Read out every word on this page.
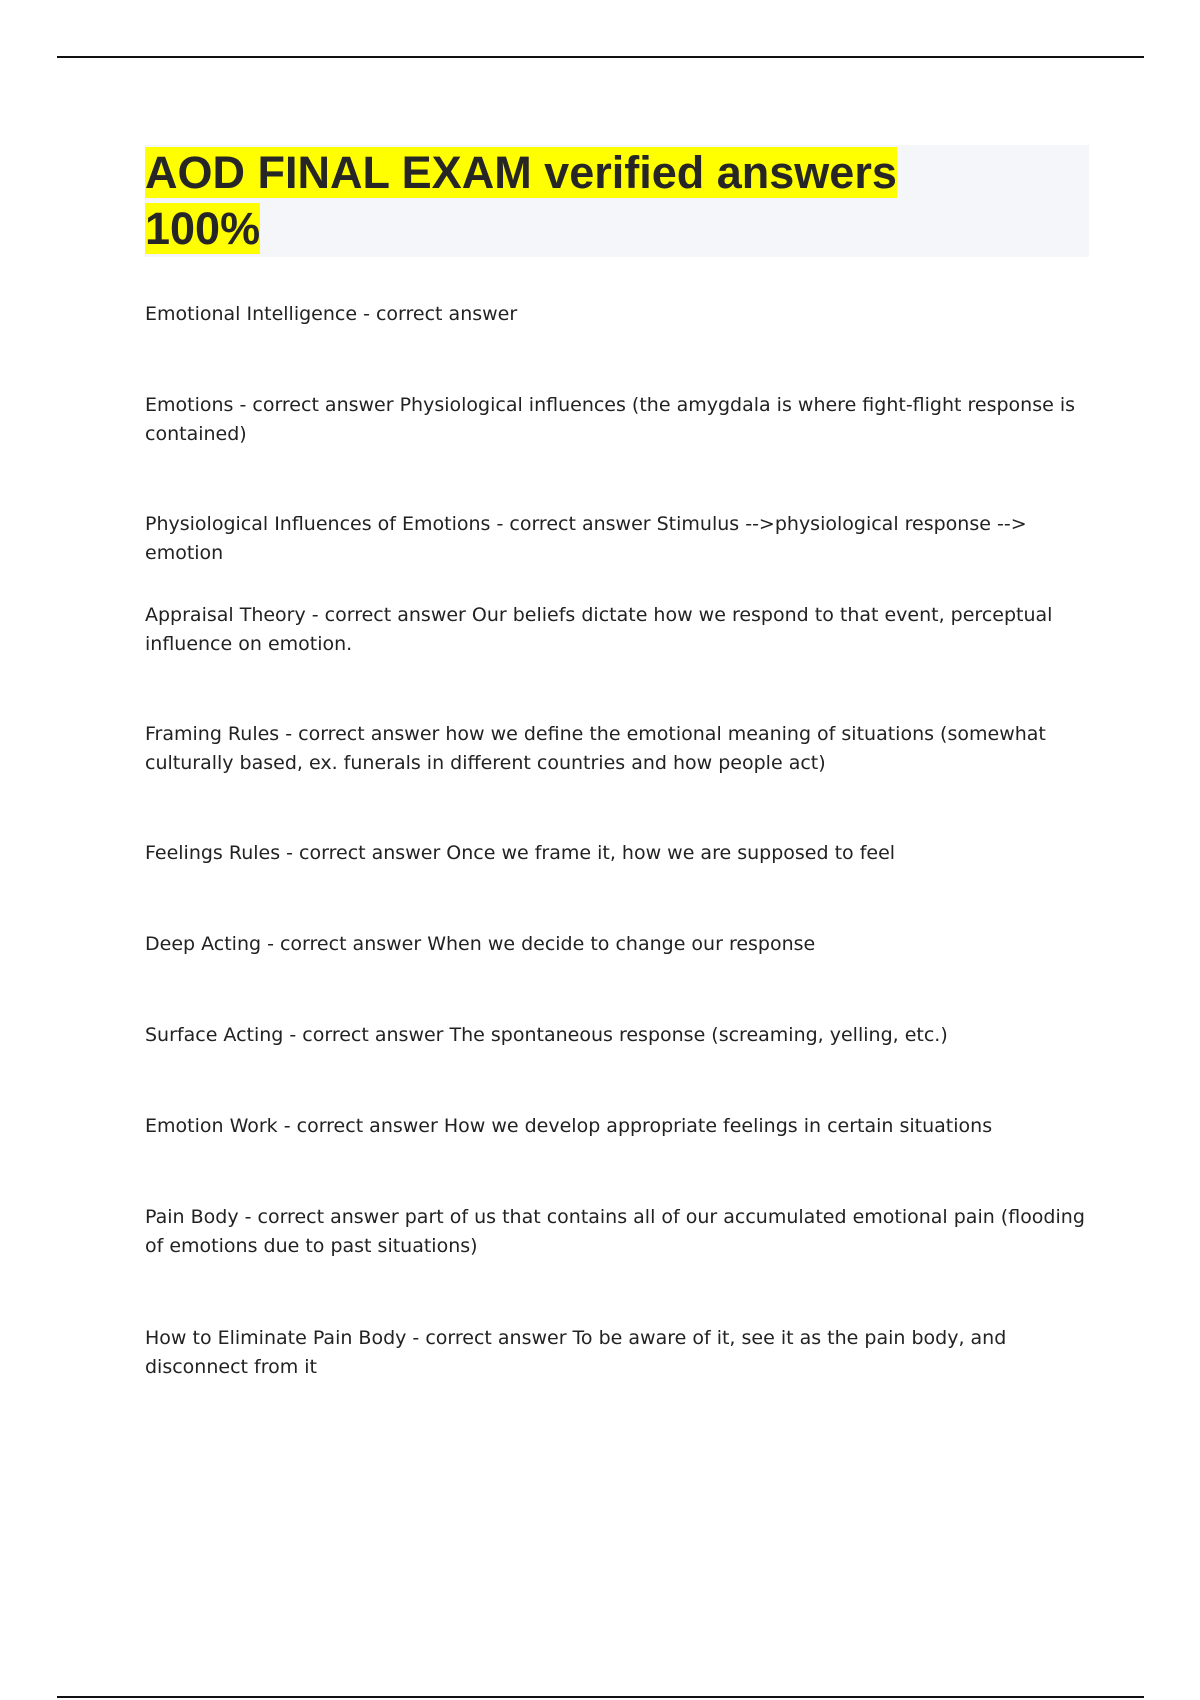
AOD FINAL EXAM verified answers 100%

Emotional Intelligence - correct answer

Emotions - correct answer Physiological influences (the amygdala is where fight-flight response is contained)

Physiological Influences of Emotions - correct answer Stimulus -->physiological response --> emotion

Appraisal Theory - correct answer Our beliefs dictate how we respond to that event, perceptual influence on emotion.

Framing Rules - correct answer how we define the emotional meaning of situations (somewhat culturally based, ex. funerals in different countries and how people act)

Feelings Rules - correct answer Once we frame it, how we are supposed to feel

Deep Acting - correct answer When we decide to change our response

Surface Acting - correct answer The spontaneous response (screaming, yelling, etc.)

Emotion Work - correct answer How we develop appropriate feelings in certain situations

Pain Body - correct answer part of us that contains all of our accumulated emotional pain (flooding of emotions due to past situations)

How to Eliminate Pain Body - correct answer To be aware of it, see it as the pain body, and disconnect from it
